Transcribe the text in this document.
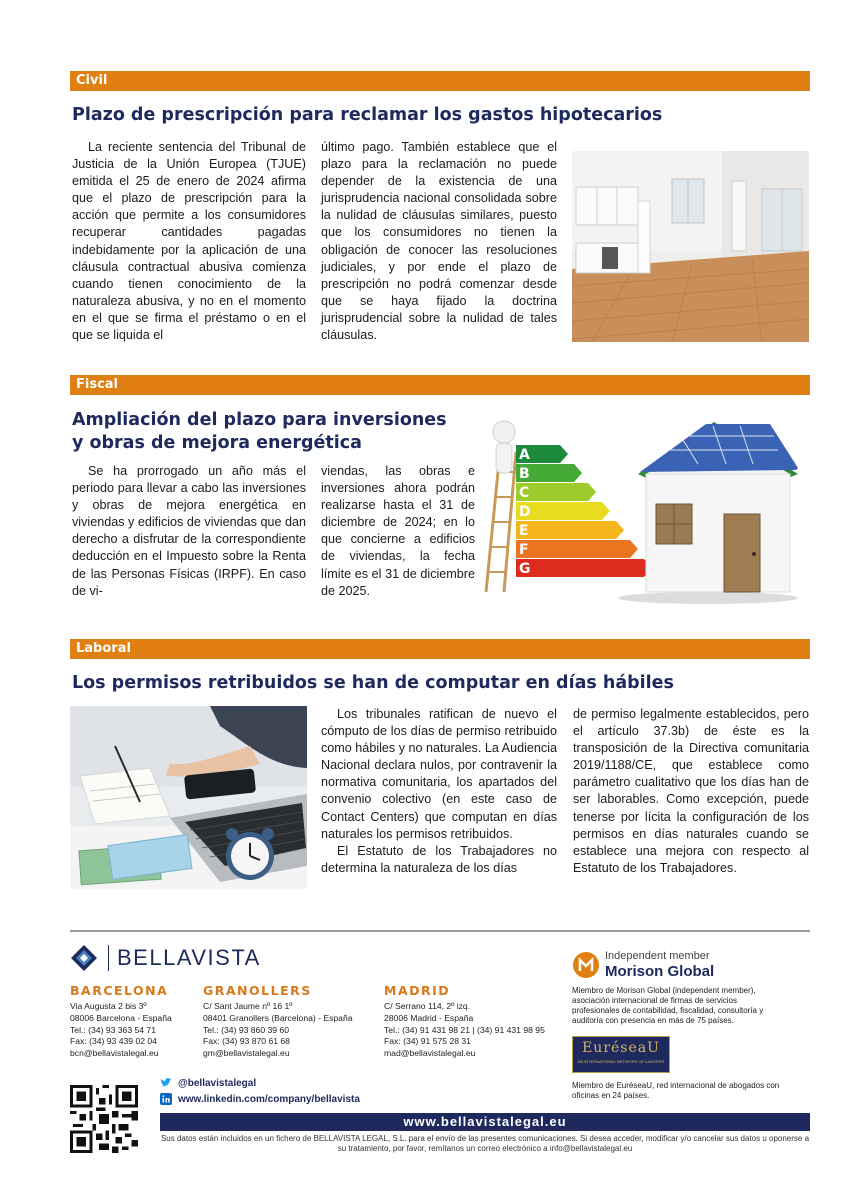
Civil
Plazo de prescripción para reclamar los gastos hipotecarios

La reciente sentencia del Tribunal de Justicia de la Unión Europea (TJUE) emitida el 25 de enero de 2024 afirma que el plazo de prescripción para la acción que permite a los consumidores recuperar cantidades pagadas indebidamente por la aplicación de una cláusula contractual abusiva comienza cuando tienen conocimiento de la naturaleza abusiva, y no en el momento en el que se firma el préstamo o en el que se liquida el

último pago. También establece que el plazo para la reclamación no puede depender de la existencia de una jurisprudencia nacional consolidada sobre la nulidad de cláusulas similares, puesto que los consumidores no tienen la obligación de conocer las resoluciones judiciales, y por ende el plazo de prescripción no podrá comenzar desde que se haya fijado la doctrina jurisprudencial sobre la nulidad de tales cláusulas.

Fiscal
Ampliación del plazo para inversiones
y obras de mejora energética

Se ha prorrogado un año más el periodo para llevar a cabo las inversiones y obras de mejora energética en viviendas y edificios de viviendas que dan derecho a disfrutar de la correspondiente deducción en el Impuesto sobre la Renta de las Personas Físicas (IRPF). En caso de vi-

viendas, las obras e inversiones ahora podrán realizarse hasta el 31 de diciembre de 2024; en lo que concierne a edificios de viviendas, la fecha límite es el 31 de diciembre de 2025.

A
B
C
D
E
F
G
Laboral
Los permisos retribuidos se han de computar en días hábiles

Los tribunales ratifican de nuevo el cómputo de los días de permiso retribuido como hábiles y no naturales. La Audiencia Nacional declara nulos, por contravenir la normativa comunitaria, los apartados del convenio colectivo (en este caso de Contact Centers) que computan en días naturales los permisos retribuidos.

El Estatuto de los Trabajadores no determina la naturaleza de los días

de permiso legalmente establecidos, pero el artículo 37.3b) de éste es la transposición de la Directiva comunitaria 2019/1188/CE, que establece como parámetro cualitativo que los días han de ser laborables. Como excepción, puede tenerse por lícita la configuración de los permisos en días naturales cuando se establece una mejora con respecto al Estatuto de los Trabajadores.

BELLAVISTA
BARCELONA
Via Augusta 2 bis 3º
08006 Barcelona - España
Tel.: (34) 93 363 54 71
Fax: (34) 93 439 02 04
bcn@bellavistalegal.eu
GRANOLLERS
C/ Sant Jaume nº 16 1º
08401 Granollers (Barcelona) - España
Tel.: (34) 93 860 39 60
Fax: (34) 93 870 61 68
gm@bellavistalegal.eu
MADRID
C/ Serrano 114, 2º izq.
28006 Madrid - España
Tel.: (34) 91 431 98 21 | (34) 91 431 98 95
Fax: (34) 91 575 28 31
mad@bellavistalegal.eu
Independent member
Morison Global
Miembro de Morison Global (independent member), asociación internacional de firmas de servicios profesionales de contabilidad, fiscalidad, consultoría y auditoría con presencia en más de 75 países.
EuréseaU
AN INTERNATIONAL NETWORK OF LAWYERS
Miembro de EuréseaU, red internacional de abogados con oficinas en 24 países.
@bellavistalegal
www.linkedin.com/company/bellavista
www.bellavistalegal.eu
Sus datos están incluidos en un fichero de BELLAVISTA LEGAL, S.L. para el envío de las presentes comunicaciones. Si desea acceder, modificar y/o cancelar sus datos u oponerse a su tratamiento, por favor, remítanos un correo electrónico a info@bellavistalegal.eu
